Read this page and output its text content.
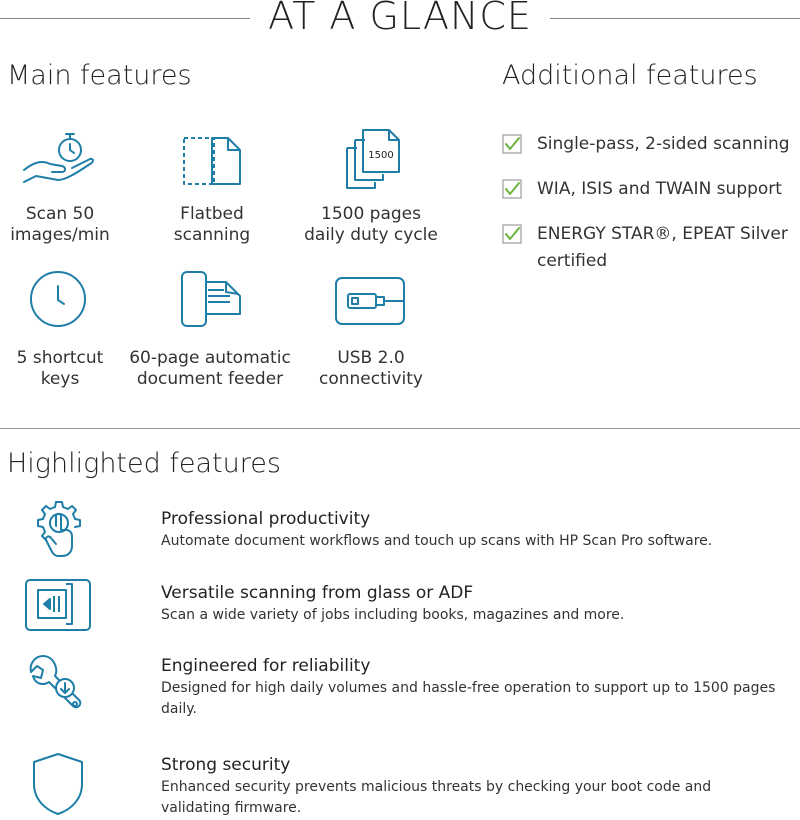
AT A GLANCE
Main features
Scan 50
images/min
Flatbed
scanning
1500
1500 pages
daily duty cycle
5 shortcut
keys
60-page automatic
document feeder
USB 2.0
connectivity
Additional features
Single-pass, 2-sided scanning
WIA, ISIS and TWAIN support
ENERGY STAR®, EPEAT Silver
certified
Highlighted features
Professional productivity
Automate document workflows and touch up scans with HP Scan Pro software.
Versatile scanning from glass or ADF
Scan a wide variety of jobs including books, magazines and more.
Engineered for reliability
Designed for high daily volumes and hassle-free operation to support up to 1500 pages daily.
Strong security
Enhanced security prevents malicious threats by checking your boot code and validating firmware.
